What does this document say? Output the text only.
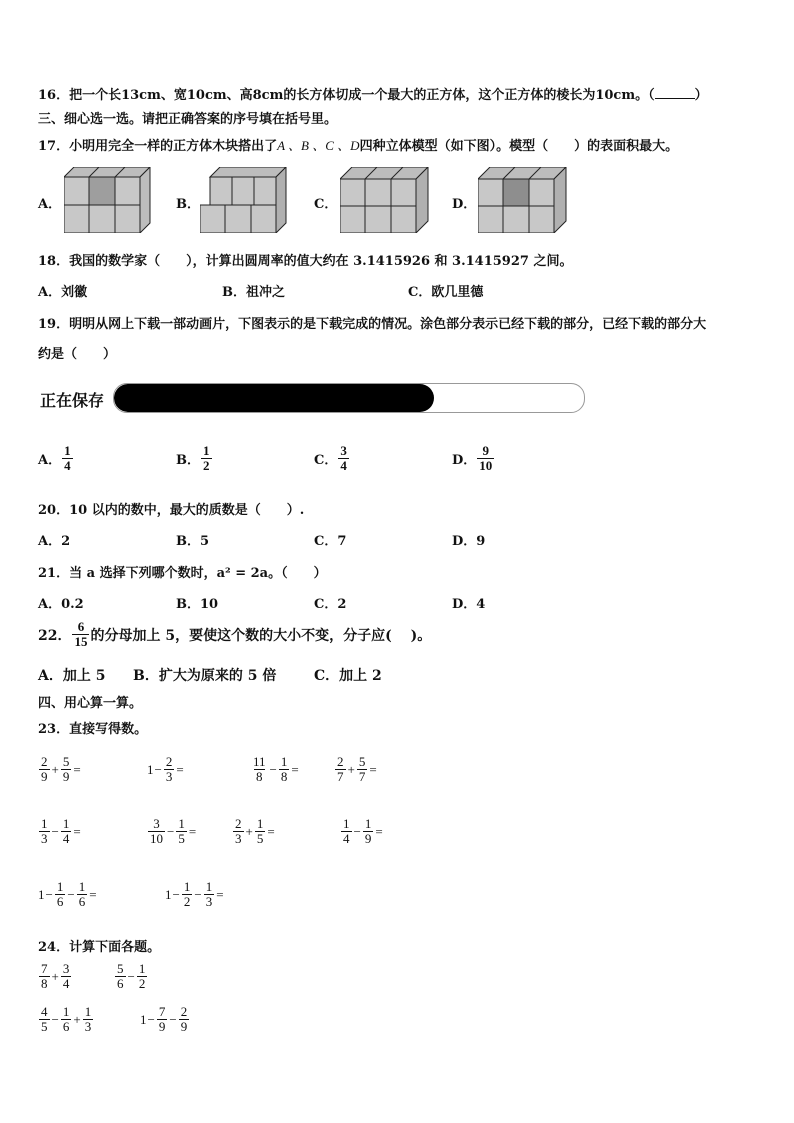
16．把一个长13cm、宽10cm、高8cm的长方体切成一个最大的正方体，这个正方体的棱长为10cm。（	）
三、细心选一选。请把正确答案的序号填在括号里。
17．小明用完全一样的正方体木块搭出了A 、B 、C 、D四种立体模型（如下图）。模型（　　）的表面积最大。
A．	B．	C．	D．
18．我国的数学家（　　），计算出圆周率的值大约在 3.1415926 和 3.1415927 之间。
A．刘徽	B．祖冲之	C．欧几里德
19．明明从网上下载一部动画片，下图表示的是下载完成的情况。涂色部分表示已经下载的部分，已经下载的部分大
约是（　　）
正在保存
A． $\frac{1}{4}$	B． $\frac{1}{2}$	C． $\frac{3}{4}$	D． $\frac{9}{10}$
20．10 以内的数中，最大的质数是（　　）.
A．2	B．5	C．7	D．9
21．当 a 选择下列哪个数时，a² = 2a。（　　）
A．0.2	B．10	C．2	D．4
22． $\frac{6}{15}$ 的分母加上 5，要使这个数的大小不变，分子应(　 )。
A．加上 5 B．扩大为原来的 5 倍	C．加上 2
四、用心算一算。
23．直接写得数。
$\frac{2}{9} + \frac{5}{9}$ =	$1 - \frac{2}{3}$ =	$\frac{11}{8} - \frac{1}{8}$ =	$\frac{2}{7} + \frac{5}{7}$ =
$\frac{1}{3} - \frac{1}{4}$ =	$\frac{3}{10} - \frac{1}{5}$ =	$\frac{2}{3} + \frac{1}{5}$ =	$\frac{1}{4} - \frac{1}{9}$ =
$1 - \frac{1}{6} - \frac{1}{6}$ =	$1 - \frac{1}{2} - \frac{1}{3}$ =
24．计算下面各题。
$\frac{7}{8} + \frac{3}{4}$	$\frac{5}{6} - \frac{1}{2}$
$\frac{4}{5} - \frac{1}{6} + \frac{1}{3}$	$1 - \frac{7}{9} - \frac{2}{9}$
